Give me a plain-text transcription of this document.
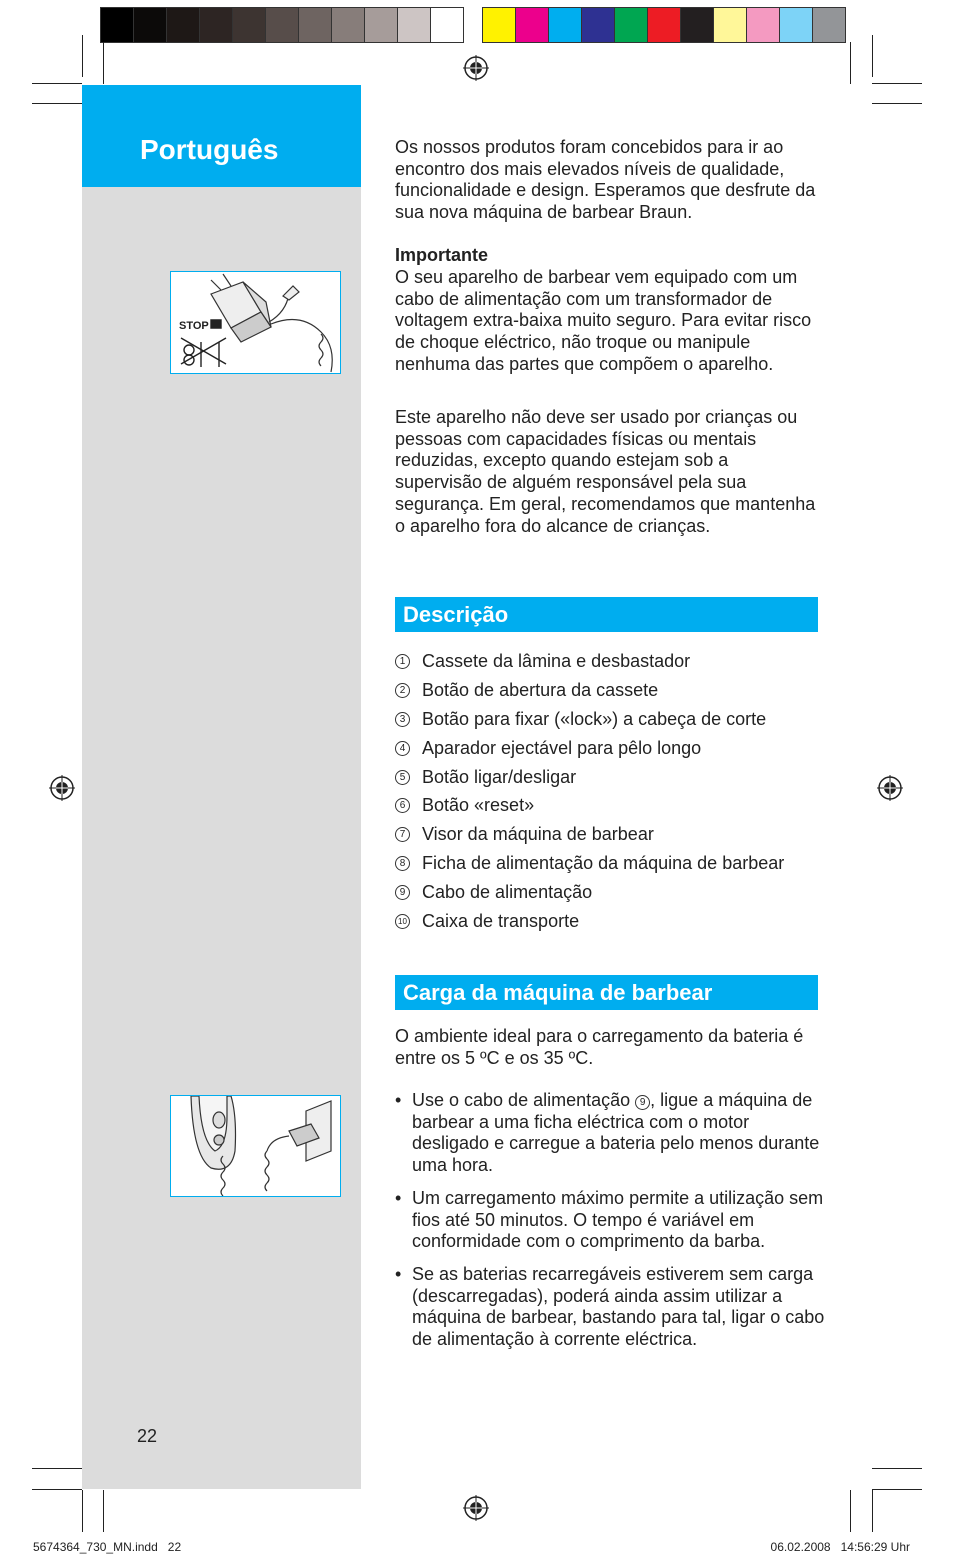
Português
STOP

Os nossos produtos foram concebidos para ir ao encontro dos mais elevados níveis de qualidade, funcionalidade e design. Esperamos que desfrute da sua nova máquina de barbear Braun.

Importante

O seu aparelho de barbear vem equipado com um cabo de alimentação com um transformador de voltagem extra-baixa muito seguro. Para evitar risco de choque eléctrico, não troque ou manipule nenhuma das partes que compõem o aparelho.

Este aparelho não deve ser usado por crianças ou pessoas com capacidades físicas ou mentais reduzidas, excepto quando estejam sob a supervisão de alguém responsável pela sua segurança. Em geral, recomendamos que mantenha o aparelho fora do alcance de crianças.

Descrição
1 Cassete da lâmina e desbastador
2 Botão de abertura da cassete
3 Botão para fixar («lock») a cabeça de corte
4 Aparador ejectável para pêlo longo
5 Botão ligar/desligar
6 Botão «reset»
7 Visor da máquina de barbear
8 Ficha de alimentação da máquina de barbear
9 Cabo de alimentação
10 Caixa de transporte
Carga da máquina de barbear

O ambiente ideal para o carregamento da bateria é entre os 5 ºC e os 35 ºC.

• Use o cabo de alimentação 9 , ligue a máquina de barbear a uma ficha eléctrica com o motor desligado e carregue a bateria pelo menos durante uma hora.
• Um carregamento máximo permite a utilização sem fios até 50 minutos. O tempo é variável em conformidade com o comprimento da barba.
• Se as baterias recarregáveis estiverem sem carga (descarregadas), poderá ainda assim utilizar a máquina de barbear, bastando para tal, ligar o cabo de alimentação à corrente eléctrica.
22
5674364_730_MN.indd   22	06.02.2008   14:56:29 Uhr
